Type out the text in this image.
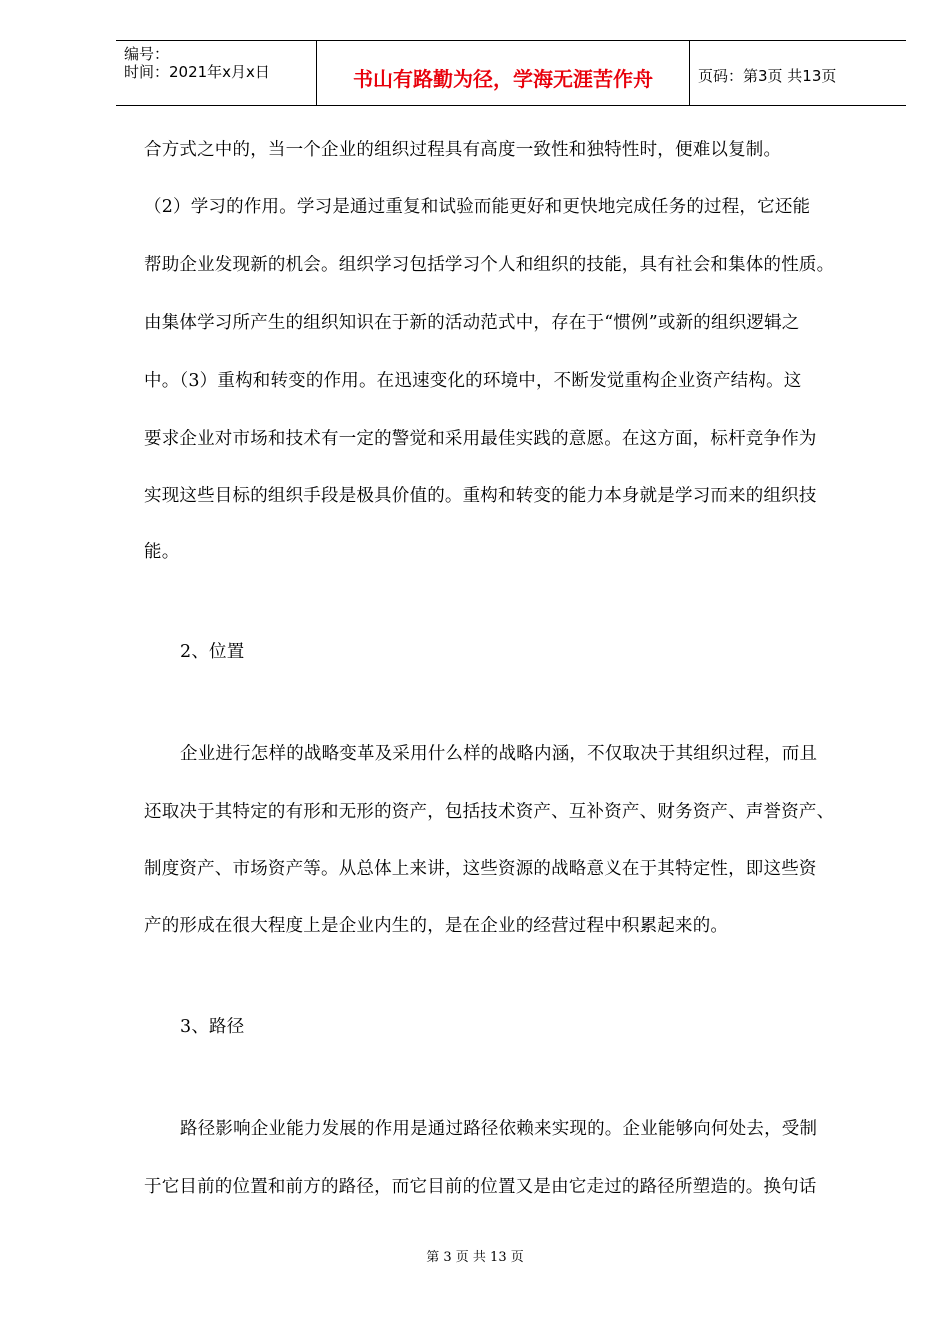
编号：
时间：2021年x月x日	书山有路勤为径，学海无涯苦作舟	页码：第3页 共13页
合方式之中的，当一个企业的组织过程具有高度一致性和独特性时，便难以复制。
（2）学习的作用。学习是通过重复和试验而能更好和更快地完成任务的过程，它还能
帮助企业发现新的机会。组织学习包括学习个人和组织的技能，具有社会和集体的性质。
由集体学习所产生的组织知识在于新的活动范式中，存在于“惯例”或新的组织逻辑之
中。（3）重构和转变的作用。在迅速变化的环境中，不断发觉重构企业资产结构。这
要求企业对市场和技术有一定的警觉和采用最佳实践的意愿。在这方面，标杆竞争作为
实现这些目标的组织手段是极具价值的。重构和转变的能力本身就是学习而来的组织技
能。
2、位置
企业进行怎样的战略变革及采用什么样的战略内涵，不仅取决于其组织过程，而且
还取决于其特定的有形和无形的资产，包括技术资产、互补资产、财务资产、声誉资产、
制度资产、市场资产等。从总体上来讲，这些资源的战略意义在于其特定性，即这些资
产的形成在很大程度上是企业内生的，是在企业的经营过程中积累起来的。
3、路径
路径影响企业能力发展的作用是通过路径依赖来实现的。企业能够向何处去，受制
于它目前的位置和前方的路径，而它目前的位置又是由它走过的路径所塑造的。换句话
第 3 页 共 13 页
